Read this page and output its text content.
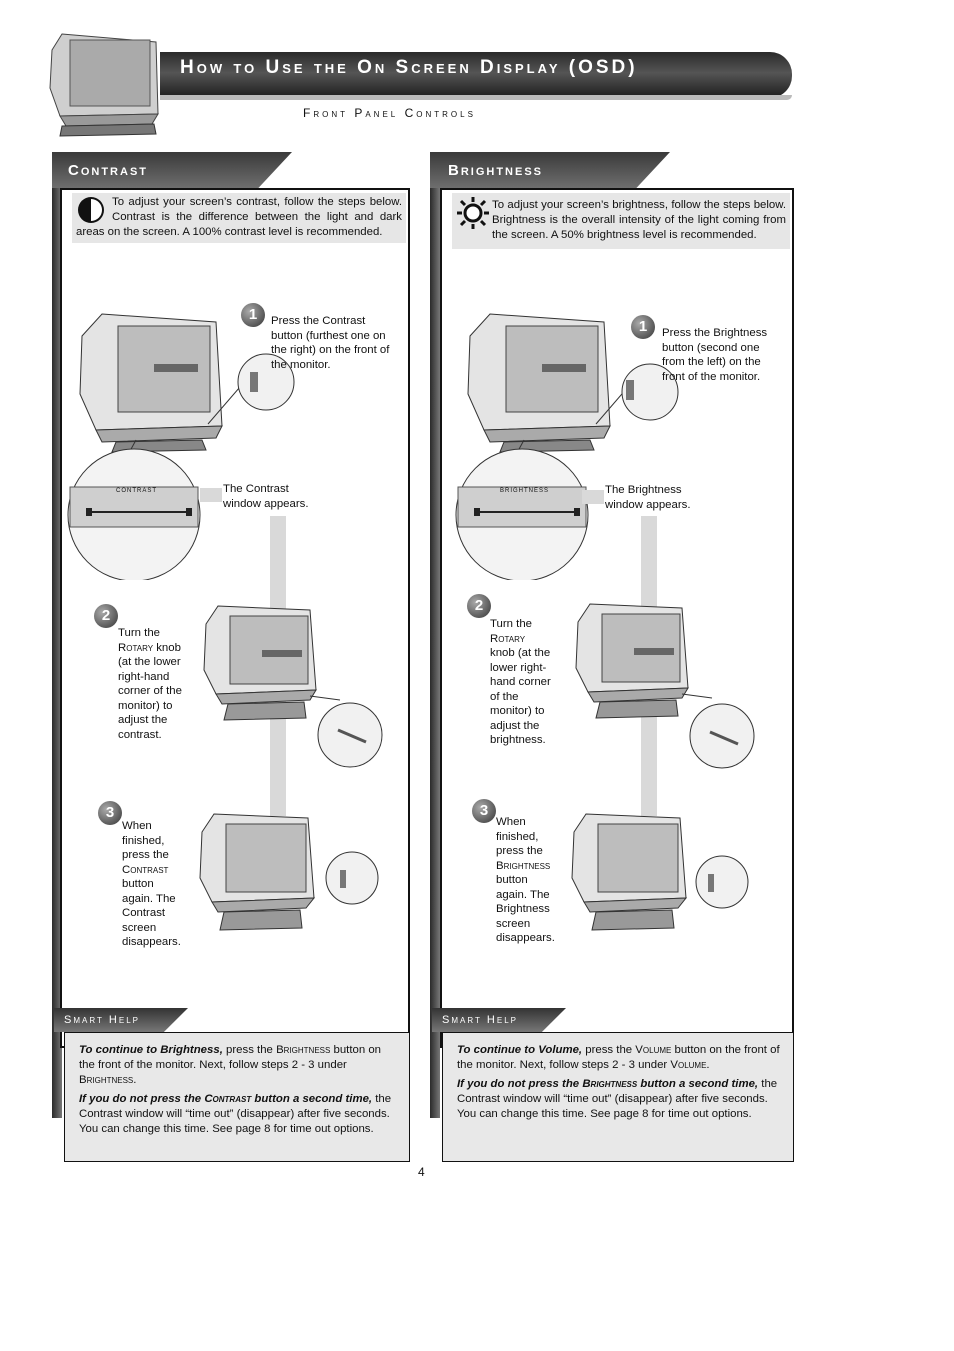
How to Use the On Screen Display (OSD)
Front Panel Controls
Contrast
To adjust your screen’s contrast, follow the steps below. Contrast is the difference between the light and dark areas on the screen. A 100% contrast level is recommended.
CONTRAST
1	Press the Contrast button (furthest one on the right) on the front of the monitor.
The Contrast window appears.
2
Turn the Rotary knob (at the lower right-hand corner of the monitor) to adjust the contrast.
3
When finished, press the Contrast button again. The Contrast screen disappears.
Smart Help

To continue to Brightness, press the Brightness button on the front of the monitor. Next, follow steps 2 - 3 under Brightness.

If you do not press the Contrast button a second time, the Contrast window will “time out” (disappear) after five seconds. You can change this time. See page 8 for time out options.

Brightness
To adjust your screen’s brightness, follow the steps below. Brightness is the overall intensity of the light coming from the screen. A 50% brightness level is recommended.
BRIGHTNESS
1	Press the Brightness button (second one from the left) on the front of the monitor.
The Brightness window appears.
2
Turn the Rotary knob (at the lower right-hand corner of the monitor) to adjust the brightness.
3
When finished, press the Brightness button again. The Brightness screen disappears.
Smart Help

To continue to Volume, press the Volume button on the front of the monitor. Next, follow steps 2 - 3 under Volume.

If you do not press the Brightness button a second time, the Contrast window will “time out” (disappear) after five seconds. You can change this time. See page 8 for time out options.

4
